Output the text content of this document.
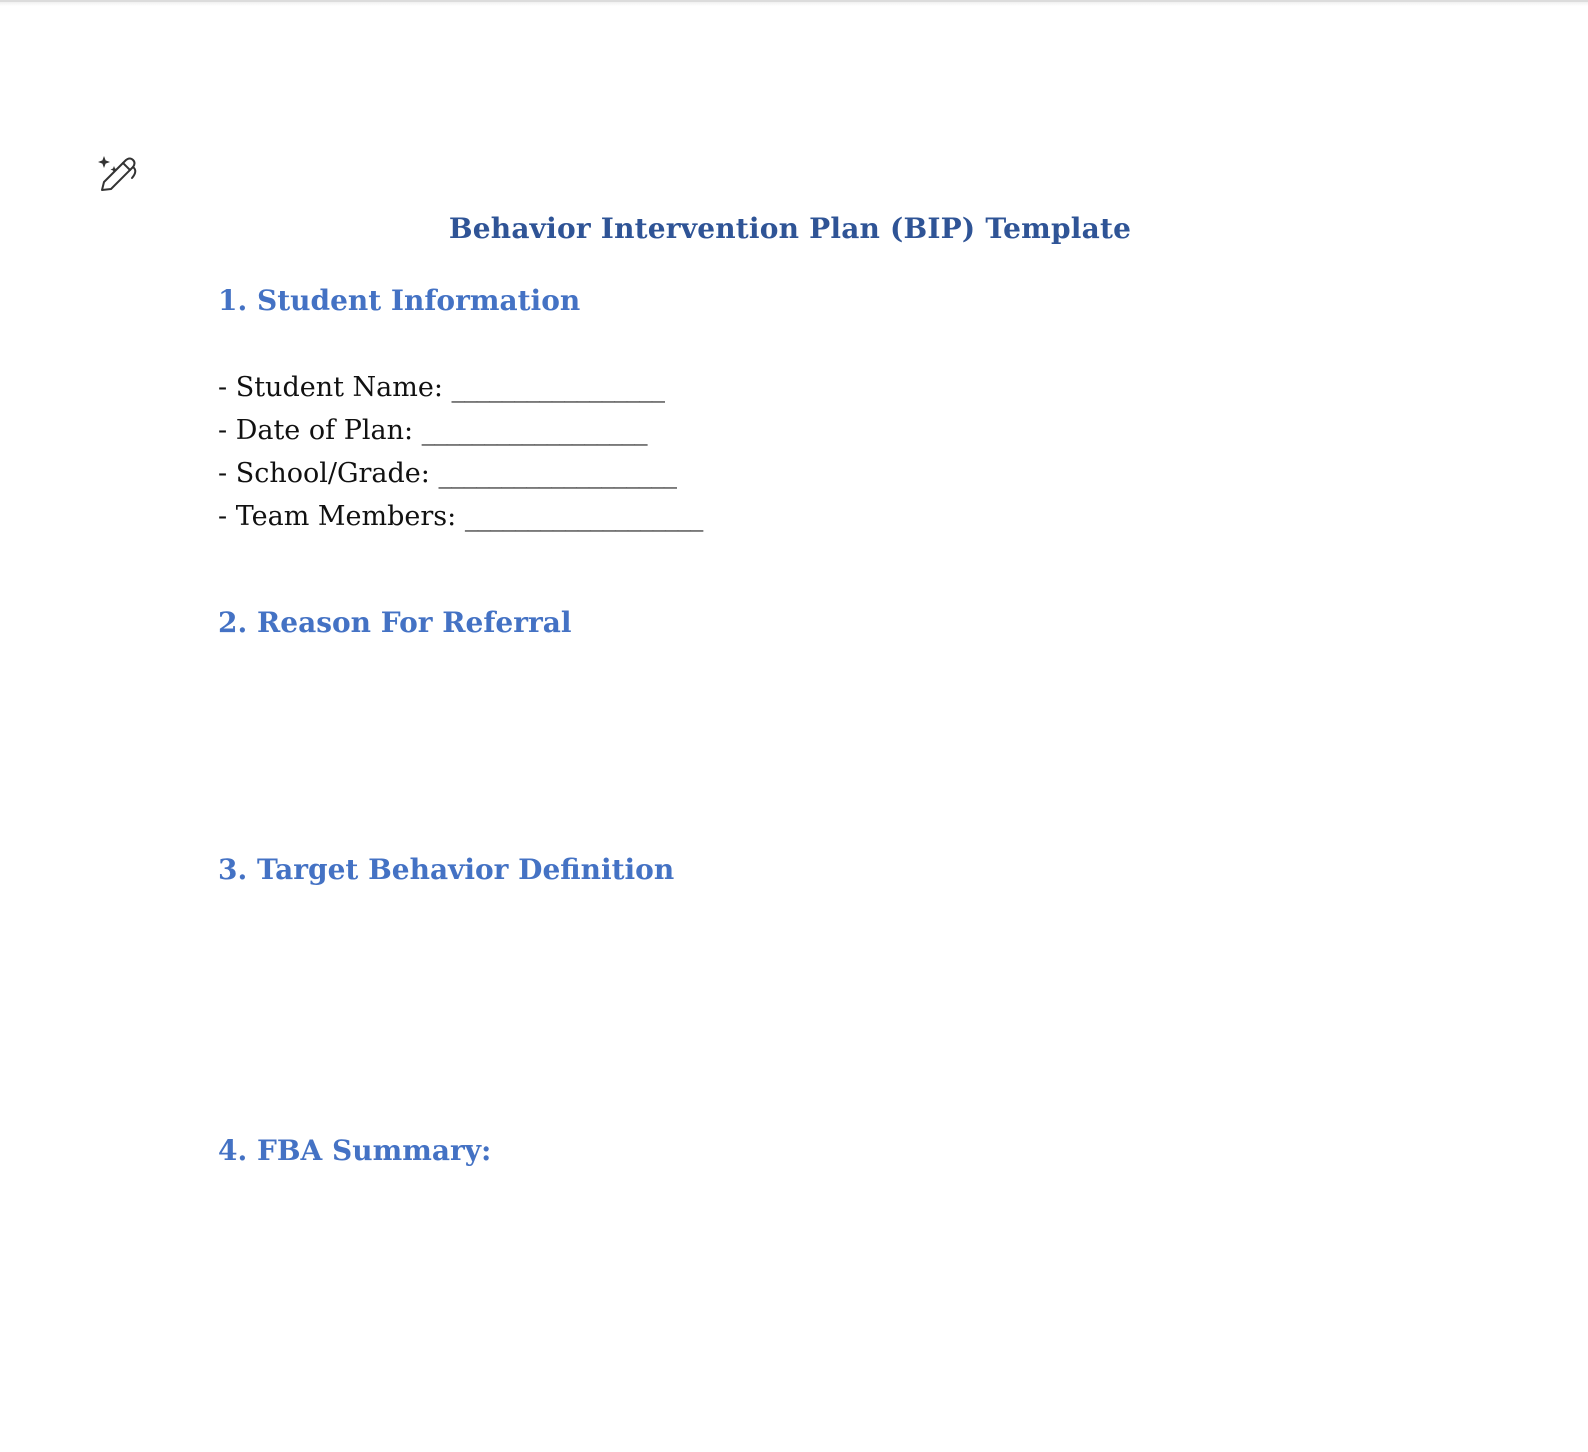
Behavior Intervention Plan (BIP) Template
1. Student Information
- Student Name: _________________
- Date of Plan: __________________
- School/Grade: ___________________
- Team Members: ___________________
2. Reason For Referral
3. Target Behavior Definition
4. FBA Summary:
